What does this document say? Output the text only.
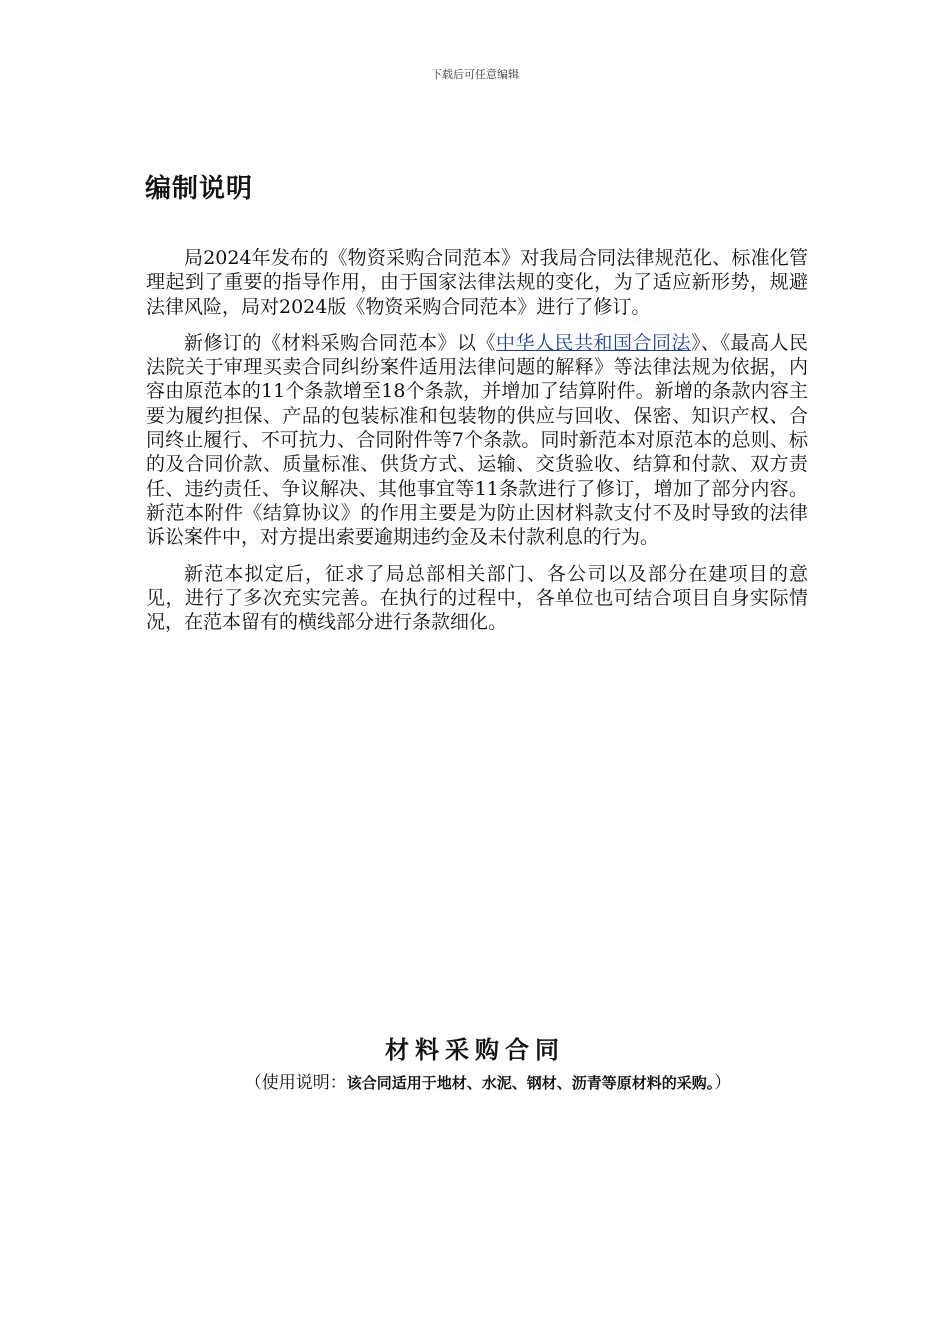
下载后可任意编辑
编制说明

局2024年发布的《物资采购合同范本》对我局合同法律规范化、标准化管理起到了重要的指导作用，由于国家法律法规的变化，为了适应新形势，规避法律风险，局对2024版《物资采购合同范本》进行了修订。

新修订的《材料采购合同范本》以《中华人民共和国合同法》、《最高人民法院关于审理买卖合同纠纷案件适用法律问题的解释》等法律法规为依据，内容由原范本的11个条款增至18个条款，并增加了结算附件。新增的条款内容主要为履约担保、产品的包装标准和包装物的供应与回收、保密、知识产权、合同终止履行、不可抗力、合同附件等7个条款。同时新范本对原范本的总则、标的及合同价款、质量标准、供货方式、运输、交货验收、结算和付款、双方责任、违约责任、争议解决、其他事宜等11条款进行了修订，增加了部分内容。新范本附件《结算协议》的作用主要是为防止因材料款支付不及时导致的法律诉讼案件中，对方提出索要逾期违约金及未付款利息的行为。

新范本拟定后，征求了局总部相关部门、各公司以及部分在建项目的意见，进行了多次充实完善。在执行的过程中，各单位也可结合项目自身实际情况，在范本留有的横线部分进行条款细化。

材料采购合同
（使用说明：该合同适用于地材、水泥、钢材、沥青等原材料的采购。）
